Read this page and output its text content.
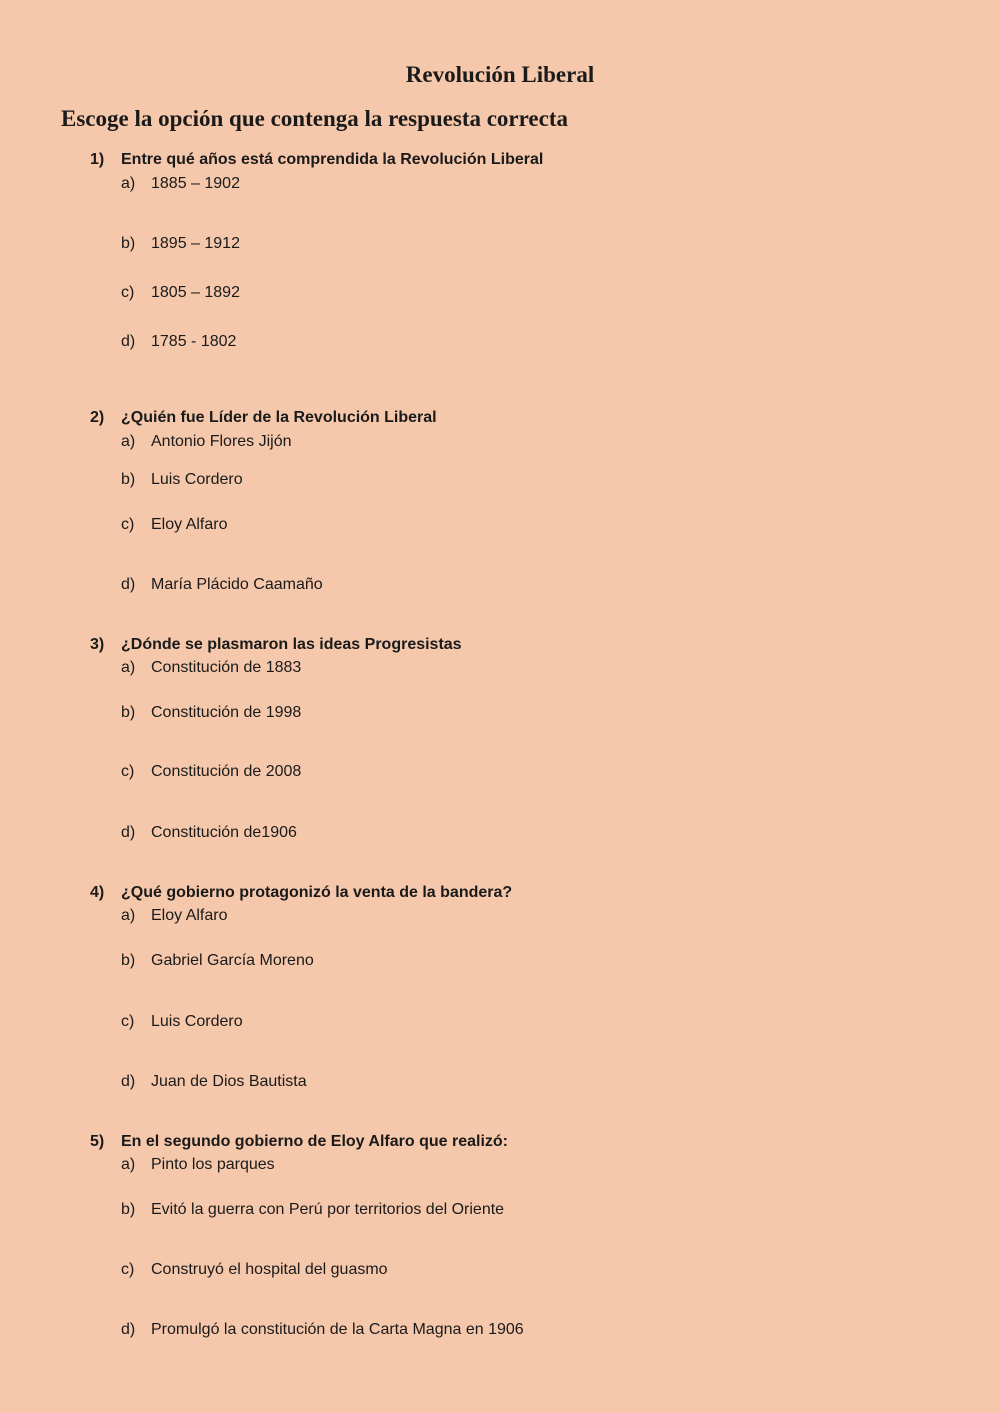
Revolución Liberal
Escoge la opción que contenga la respuesta correcta
1) Entre qué años está comprendida la Revolución Liberal
a) 1885 – 1902
b) 1895 – 1912
c) 1805 – 1892
d) 1785 - 1802
2) ¿Quién fue Líder de la Revolución Liberal
a) Antonio Flores Jijón
b) Luis Cordero
c) Eloy Alfaro
d) María Plácido Caamaño
3) ¿Dónde se plasmaron las ideas Progresistas
a) Constitución de 1883
b) Constitución de 1998
c) Constitución de 2008
d) Constitución de1906
4) ¿Qué gobierno protagonizó la venta de la bandera?
a) Eloy Alfaro
b) Gabriel García Moreno
c) Luis Cordero
d) Juan de Dios Bautista
5) En el segundo gobierno de Eloy Alfaro que realizó:
a) Pinto los parques
b) Evitó la guerra con Perú por territorios del Oriente
c) Construyó el hospital del guasmo
d) Promulgó la constitución de la Carta Magna en 1906
